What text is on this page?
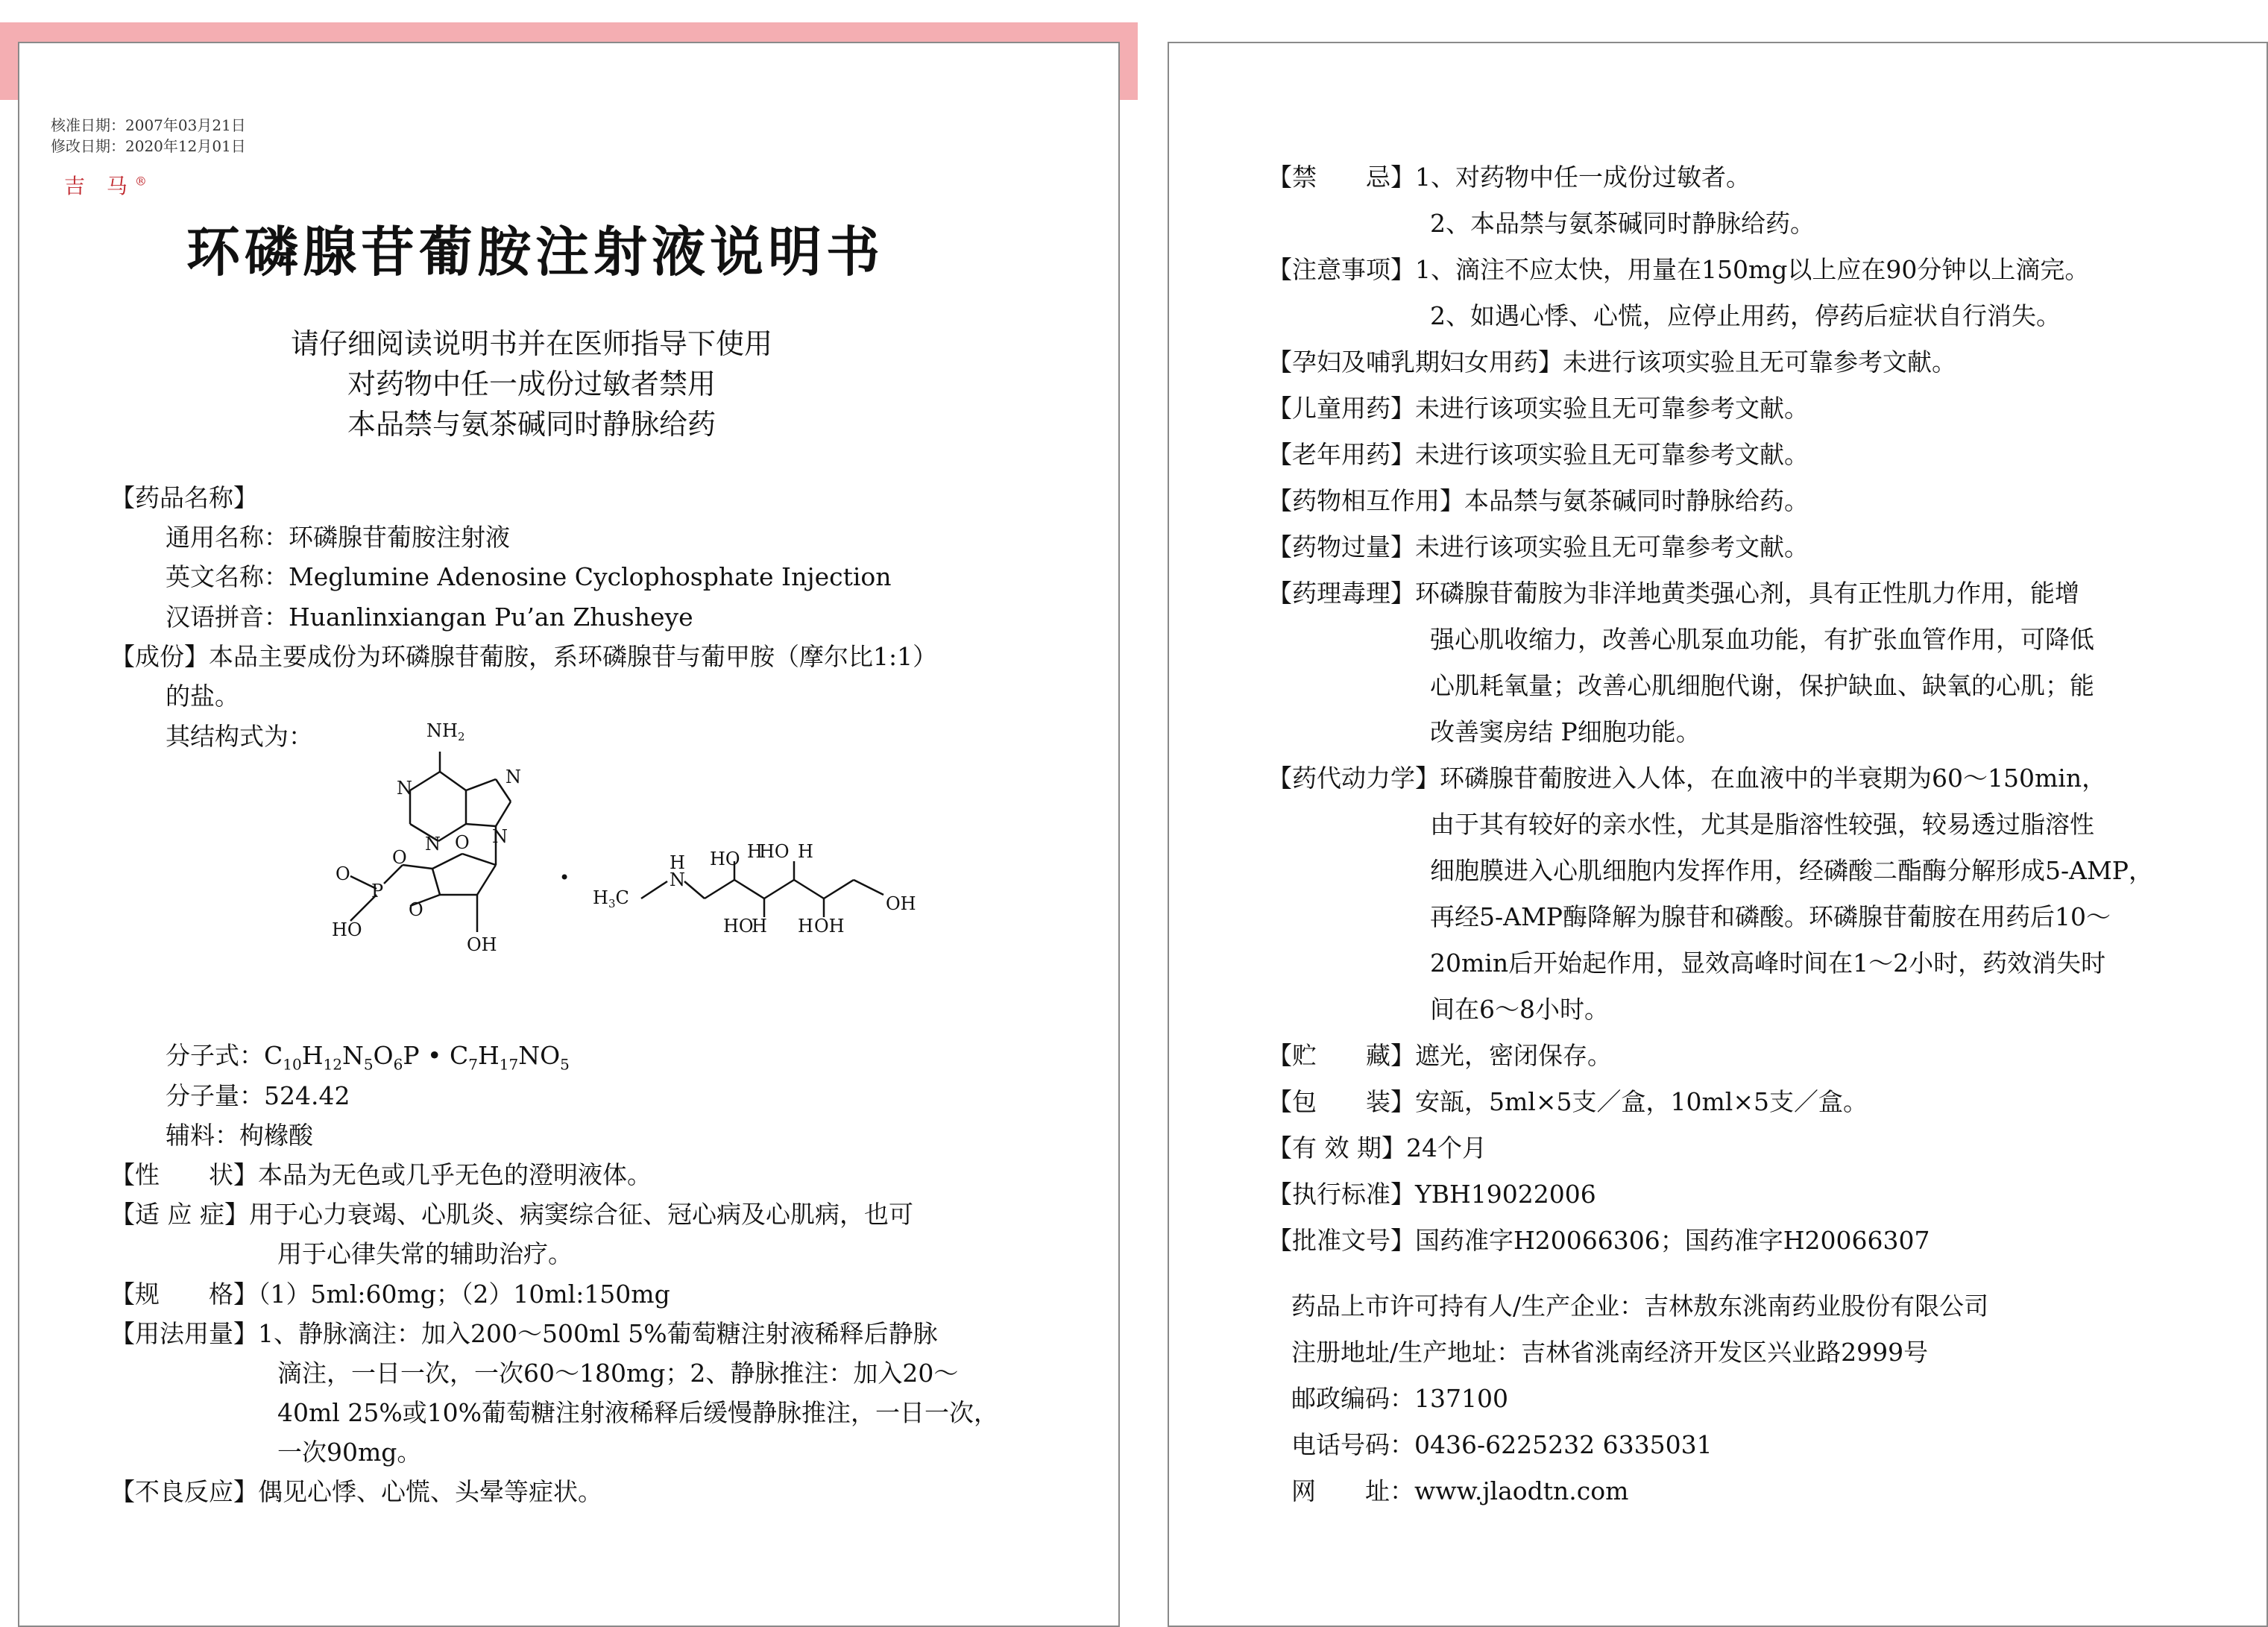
核准日期：2007年03月21日
修改日期：2020年12月01日
吉 马®
环磷腺苷葡胺注射液说明书
请仔细阅读说明书并在医师指导下使用
对药物中任一成份过敏者禁用
本品禁与氨茶碱同时静脉给药
【药品名称】
通用名称：环磷腺苷葡胺注射液
英文名称：Meglumine Adenosine Cyclophosphate Injection
汉语拼音：Huanlinxiangan Pu’an Zhusheye
【成份】本品主要成份为环磷腺苷葡胺，系环磷腺苷与葡甲胺（摩尔比1:1）
的盐。
其结构式为：	$NH_2$
N
N
N
N
O
O
O
O
P
HO
OH
•
$H_3C$
H
N
HO H
HO H
HO
H H OH
OH
分子式：$C_{10}H_{12}N_5O_6P$ • $C_7H_{17}NO_5$
分子量：524.42
辅料：枸橼酸
【性　　状】本品为无色或几乎无色的澄明液体。
【适 应 症】用于心力衰竭、心肌炎、病窦综合征、冠心病及心肌病，也可
用于心律失常的辅助治疗。
【规　　格】（1）5ml:60mg；（2）10ml:150mg
【用法用量】1、静脉滴注：加入200～500ml 5%葡萄糖注射液稀释后静脉
滴注，一日一次，一次60～180mg；2、静脉推注：加入20～
40ml 25%或10%葡萄糖注射液稀释后缓慢静脉推注，一日一次，
一次90mg。
【不良反应】偶见心悸、心慌、头晕等症状。
【禁　　忌】1、对药物中任一成份过敏者。
2、本品禁与氨茶碱同时静脉给药。
【注意事项】1、滴注不应太快，用量在150mg以上应在90分钟以上滴完。
2、如遇心悸、心慌，应停止用药，停药后症状自行消失。
【孕妇及哺乳期妇女用药】未进行该项实验且无可靠参考文献。
【儿童用药】未进行该项实验且无可靠参考文献。
【老年用药】未进行该项实验且无可靠参考文献。
【药物相互作用】本品禁与氨茶碱同时静脉给药。
【药物过量】未进行该项实验且无可靠参考文献。
【药理毒理】环磷腺苷葡胺为非洋地黄类强心剂，具有正性肌力作用，能增
强心肌收缩力，改善心肌泵血功能，有扩张血管作用，可降低
心肌耗氧量；改善心肌细胞代谢，保护缺血、缺氧的心肌；能
改善窦房结 P细胞功能。
【药代动力学】环磷腺苷葡胺进入人体，在血液中的半衰期为60～150min，
由于其有较好的亲水性，尤其是脂溶性较强，较易透过脂溶性
细胞膜进入心肌细胞内发挥作用，经磷酸二酯酶分解形成5-AMP，
再经5-AMP酶降解为腺苷和磷酸。环磷腺苷葡胺在用药后10～
20min后开始起作用，显效高峰时间在1～2小时，药效消失时
间在6～8小时。
【贮　　藏】遮光，密闭保存。
【包　　装】安瓿，5ml×5支／盒，10ml×5支／盒。
【有 效 期】24个月
【执行标准】YBH19022006
【批准文号】国药准字H20066306；国药准字H20066307
药品上市许可持有人/生产企业：吉林敖东洮南药业股份有限公司
注册地址/生产地址：吉林省洮南经济开发区兴业路2999号
邮政编码：137100
电话号码：0436-6225232 6335031
网　　址：www.jlaodtn.com
